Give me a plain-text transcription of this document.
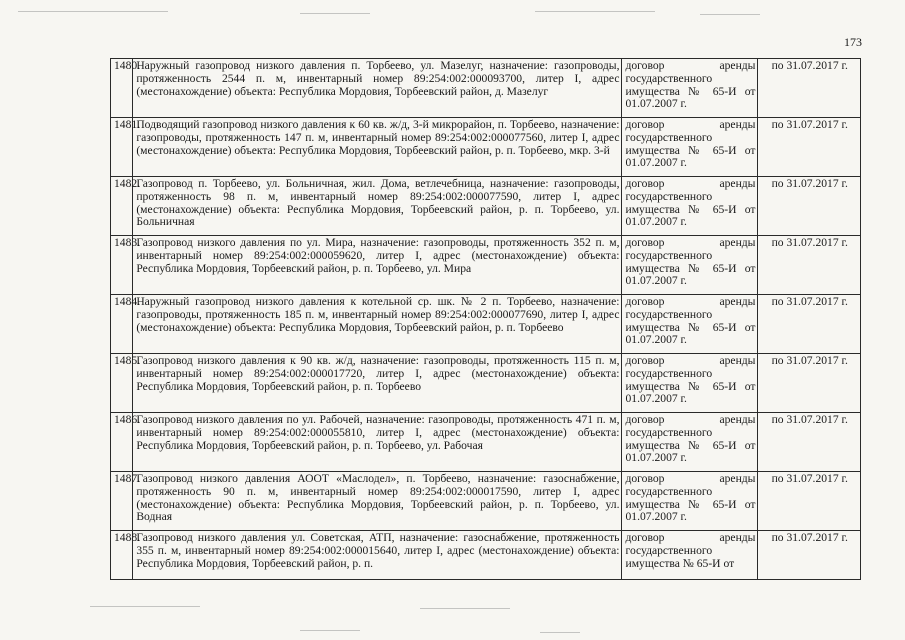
173
1480.	Наружный газопровод низкого давления п. Торбеево, ул. Мазелуг, назначение: газопроводы, протяженность 2544 п. м, инвентарный номер 89:254:002:000093700, литер I, адрес (местонахождение) объекта: Республика Мордовия, Торбеевский район, д. Мазелуг	договор аренды государственного имущества № 65-И от 01.07.2007 г.	по 31.07.2017 г.
1481.	Подводящий газопровод низкого давления к 60 кв. ж/д, 3-й микрорайон, п. Торбеево, назначение: газопроводы, протяженность 147 п. м, инвентарный номер 89:254:002:000077560, литер I, адрес (местонахождение) объекта: Республика Мордовия, Торбеевский район, р. п. Торбеево, мкр. 3-й	договор аренды государственного имущества № 65-И от 01.07.2007 г.	по 31.07.2017 г.
1482.	Газопровод п. Торбеево, ул. Больничная, жил. Дома, ветлечебница, назначение: газопроводы, протяженность 98 п. м, инвентарный номер 89:254:002:000077590, литер I, адрес (местонахождение) объекта: Республика Мордовия, Торбеевский район, р. п. Торбеево, ул. Больничная	договор аренды государственного имущества № 65-И от 01.07.2007 г.	по 31.07.2017 г.
1483.	Газопровод низкого давления по ул. Мира, назначение: газопроводы, протяженность 352 п. м, инвентарный номер 89:254:002:000059620, литер I, адрес (местонахождение) объекта: Республика Мордовия, Торбеевский район, р. п. Торбеево, ул. Мира	договор аренды государственного имущества № 65-И от 01.07.2007 г.	по 31.07.2017 г.
1484.	Наружный газопровод низкого давления к котельной ср. шк. № 2 п. Торбеево, назначение: газопроводы, протяженность 185 п. м, инвентарный номер 89:254:002:000077690, литер I, адрес (местонахождение) объекта: Республика Мордовия, Торбеевский район, р. п. Торбеево	договор аренды государственного имущества № 65-И от 01.07.2007 г.	по 31.07.2017 г.
1485.	Газопровод низкого давления к 90 кв. ж/д, назначение: газопроводы, протяженность 115 п. м, инвентарный номер 89:254:002:000017720, литер I, адрес (местонахождение) объекта: Республика Мордовия, Торбеевский район, р. п. Торбеево	договор аренды государственного имущества № 65-И от 01.07.2007 г.	по 31.07.2017 г.
1486.	Газопровод низкого давления по ул. Рабочей, назначение: газопроводы, протяженность 471 п. м, инвентарный номер 89:254:002:000055810, литер I, адрес (местонахождение) объекта: Республика Мордовия, Торбеевский район, р. п. Торбеево, ул. Рабочая	договор аренды государственного имущества № 65-И от 01.07.2007 г.	по 31.07.2017 г.
1487.	Газопровод низкого давления АООТ «Маслодел», п. Торбеево, назначение: газоснабжение, протяженность 90 п. м, инвентарный номер 89:254:002:000017590, литер I, адрес (местонахождение) объекта: Республика Мордовия, Торбеевский район, р. п. Торбеево, ул. Водная	договор аренды государственного имущества № 65-И от 01.07.2007 г.	по 31.07.2017 г.
1488.	Газопровод низкого давления ул. Советская, АТП, назначение: газоснабжение, протяженность 355 п. м, инвентарный номер 89:254:002:000015640, литер I, адрес (местонахождение) объекта: Республика Мордовия, Торбеевский район, р. п.	договор аренды государственного имущества № 65-И от	по 31.07.2017 г.
